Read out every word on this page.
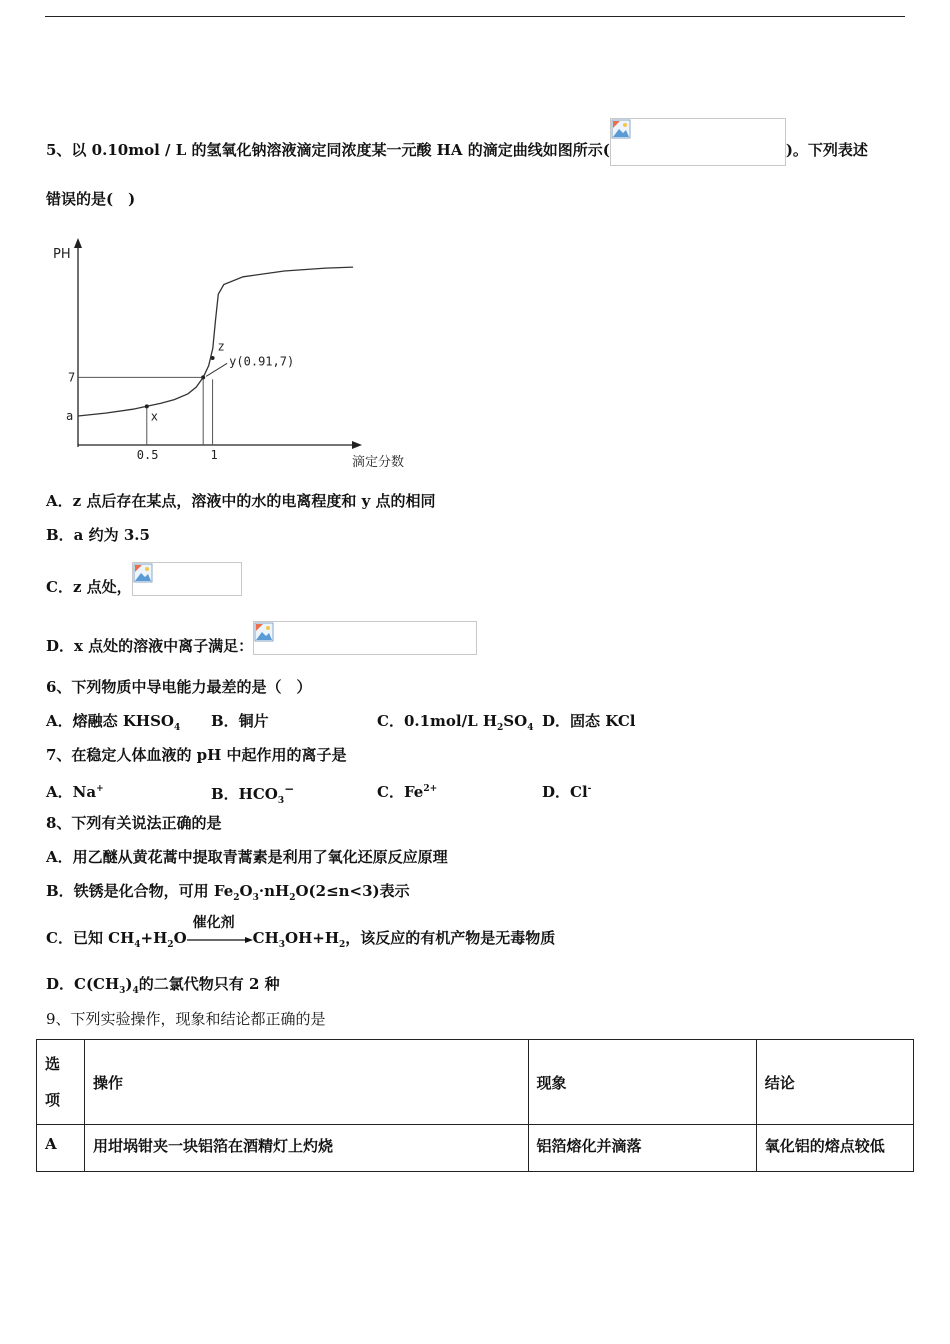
5、以 0.10mol / L 的氢氧化钠溶液滴定同浓度某一元酸 HA 的滴定曲线如图所示(	)。下列表述
错误的是(　)
PH
滴定分数
0.5	1
7
a	x
y(0.91,7)
z
A．z 点后存在某点，溶液中的水的电离程度和 y 点的相同
B．a 约为 3.5
C．z 点处，
D．x 点处的溶液中离子满足：
6、下列物质中导电能力最差的是（　）
A．熔融态 $KHSO_4$ B．铜片	C．0.1mol/L $H_2SO_4$ D．固态 KCl
7、在稳定人体血液的 pH 中起作用的离子是
A．Na+	B．$HCO_3^-$	C．$Fe^{2+}$	D．Cl-
8、下列有关说法正确的是
A．用乙醚从黄花蒿中提取青蒿素是利用了氧化还原反应原理
B．铁锈是化合物，可用 $Fe_2O_3\cdot nH_2O(2\le n<3)$表示
C．已知 $CH_4+H_2O$
催化剂
$CH_3OH+H_2$，该反应的有机产物是无毒物质
D．$C(CH_3)_4$的二氯代物只有 2 种
9、下列实验操作，现象和结论都正确的是
选
项	操作	现象	结论
A	用坩埚钳夹一块铝箔在酒精灯上灼烧	铝箔熔化并滴落	氧化铝的熔点较低
